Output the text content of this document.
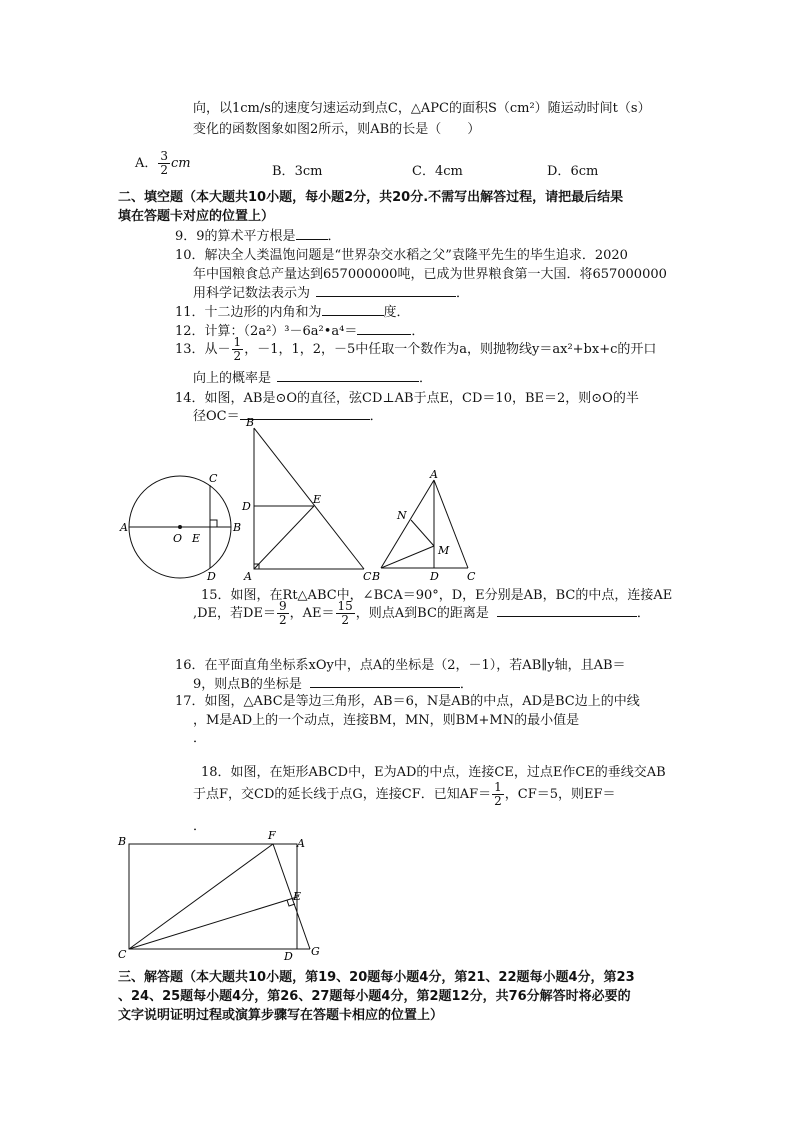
向，以1cm/s的速度匀速运动到点C，△APC的面积S（cm²）随运动时间t（s）
变化的函数图象如图2所示，则AB的长是（　　）
A． $\frac{3}{2}$ cm
B．3cm	C．4cm	D．6cm
二、填空题（本大题共10小题，每小题2分，共20分.不需写出解答过程，请把最后结果
填在答题卡对应的位置上）
9．9的算术平方根是 ．
10．解决全人类温饱问题是“世界杂交水稻之父”袁隆平先生的毕生追求．2020
年中国粮食总产量达到657000000吨，已成为世界粮食第一大国．将657000000
用科学记数法表示为	．
11．十二边形的内角和为	度．
12．计算：（2a²）³－6a²•a⁴＝	．
13．从－ $\frac{1}{2}$ ，－1，1，2，－5中任取一个数作为a，则抛物线y＝ax²+bx+c的开口
向上的概率是	．
14．如图，AB是⊙O的直径，弦CD⊥AB于点E，CD＝10，BE＝2，则⊙O的半
径OC＝	．
A	B
C
D
O E
B
D
E
A	C
A
N
M
B	D	C
15．如图，在Rt△ABC中，∠BCA＝90°，D，E分别是AB，BC的中点，连接AE
,DE，若$DE= \frac{9}{2}$ ，$AE= \frac{15}{2}$ ，则点A到BC的距离是	．
16．在平面直角坐标系xOy中，点A的坐标是（2，－1），若AB∥y轴，且AB＝
9，则点B的坐标是	．
17．如图，△ABC是等边三角形，AB＝6，N是AB的中点，AD是BC边上的中线
，M是AD上的一个动点，连接BM，MN，则BM+MN的最小值是
．
18．如图，在矩形ABCD中，E为AD的中点，连接CE，过点E作CE的垂线交AB
于点F，交CD的延长线于点G，连接CF．已知$AF= \frac{1}{2}$ ，CF＝5，则EF＝
．
B	F
A
E
C	D G
三、解答题（本大题共10小题，第19、20题每小题4分，第21、22题每小题4分，第23
、24、25题每小题4分，第26、27题每小题4分，第2题12分，共76分解答时将必要的
文字说明证明过程或演算步骤写在答题卡相应的位置上）
